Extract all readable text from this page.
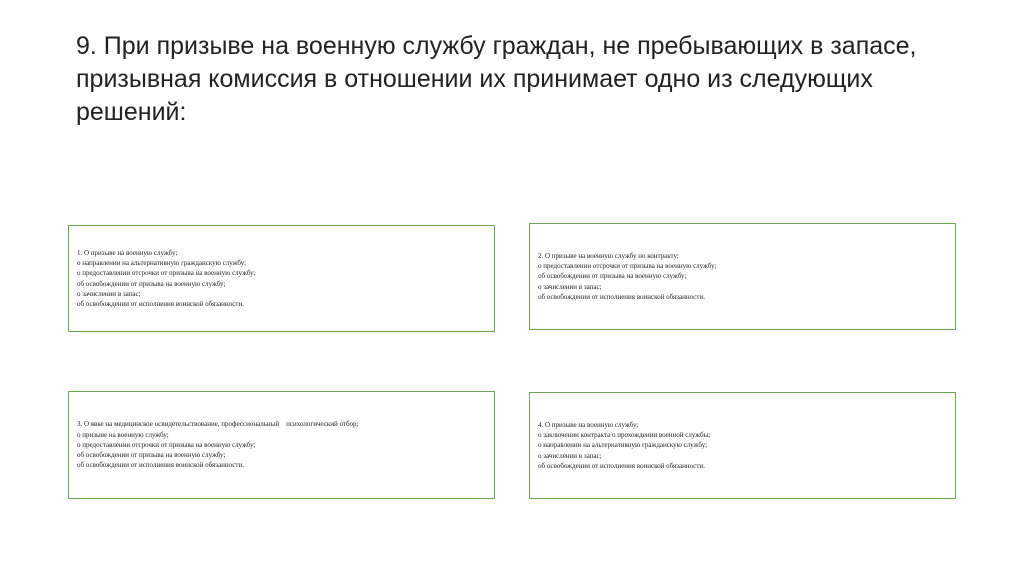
9. При призыве на военную службу граждан, не пребывающих в запасе, призывная комиссия в отношении их принимает одно из следующих решений:
1. О призыве на военную службу;
о направлении на альтернативную гражданскую службу;
о предоставлении отсрочки от призыва на военную службу;
об освобождении от призыва на военную службу;
о зачислении в запас;
об освобождении от исполнения воинской обязанности.
2. О призыве на военную службу по контракту;
о предоставлении отсрочки от призыва на военную службу;
об освобождении от призыва на военную службу;
о зачислении в запас;
об освобождении от исполнения воинской обязанности.
3. О явке на медицинское освидетельствование, профессиональный    психологический отбор;
о призыве на военную службу;
о предоставлении отсрочки от призыва на военную службу;
об освобождении от призыва на военную службу;
об освобождении от исполнения воинской обязанности.
4. О призыве на военную службу;
о заключении контракта о прохождении военной службы;
о направлении на альтернативную гражданскую службу;
о зачислении в запас;
об освобождении от исполнения воинской обязанности.
